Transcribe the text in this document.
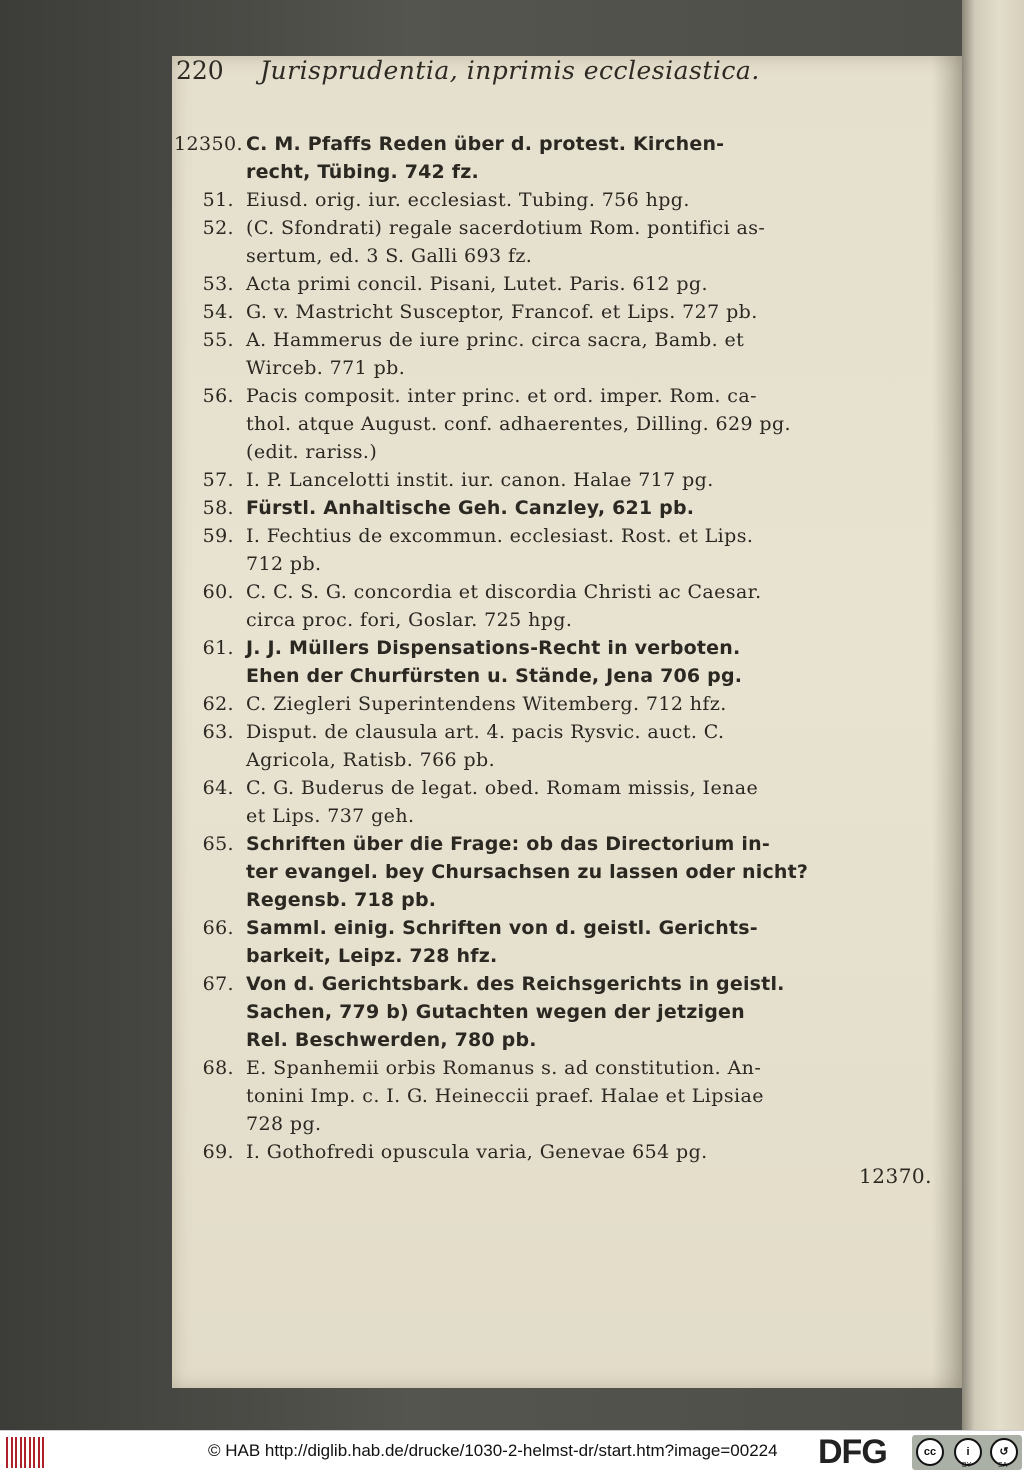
220 Jurisprudentia, inprimis ecclesiastica.
12350. C. M. Pfaffs Reden über d. protest. Kirchen-
recht, Tübing. 742 fz.
51. Eiusd. orig. iur. ecclesiast. Tubing. 756 hpg.
52. (C. Sfondrati) regale sacerdotium Rom. pontifici as-
sertum, ed. 3 S. Galli 693 fz.
53. Acta primi concil. Pisani, Lutet. Paris. 612 pg.
54. G. v. Mastricht Susceptor, Francof. et Lips. 727 pb.
55. A. Hammerus de iure princ. circa sacra, Bamb. et
Wirceb. 771 pb.
56. Pacis composit. inter princ. et ord. imper. Rom. ca-
thol. atque August. conf. adhaerentes, Dilling. 629 pg.
(edit. rariss.)
57. I. P. Lancelotti instit. iur. canon. Halae 717 pg.
58. Fürstl. Anhaltische Geh. Canzley, 621 pb.
59. I. Fechtius de excommun. ecclesiast. Rost. et Lips.
712 pb.
60. C. C. S. G. concordia et discordia Christi ac Caesar.
circa proc. fori, Goslar. 725 hpg.
61. J. J. Müllers Dispensations-Recht in verboten.
Ehen der Churfürsten u. Stände, Jena 706 pg.
62. C. Ziegleri Superintendens Witemberg. 712 hfz.
63. Disput. de clausula art. 4. pacis Rysvic. auct. C.
Agricola, Ratisb. 766 pb.
64. C. G. Buderus de legat. obed. Romam missis, Ienae
et Lips. 737 geh.
65. Schriften über die Frage: ob das Directorium in-
ter evangel. bey Chursachsen zu lassen oder nicht?
Regensb. 718 pb.
66. Samml. einig. Schriften von d. geistl. Gerichts-
barkeit, Leipz. 728 hfz.
67. Von d. Gerichtsbark. des Reichsgerichts in geistl.
Sachen, 779 b) Gutachten wegen der jetzigen
Rel. Beschwerden, 780 pb.
68. E. Spanhemii orbis Romanus s. ad constitution. An-
tonini Imp. c. I. G. Heineccii praef. Halae et Lipsiae
728 pg.
69. I. Gothofredi opuscula varia, Genevae 654 pg.
12370.
© HAB http://diglib.hab.de/drucke/1030-2-helmst-dr/start.htm?image=00224 DFG	cc	i	↺
BY	SA
